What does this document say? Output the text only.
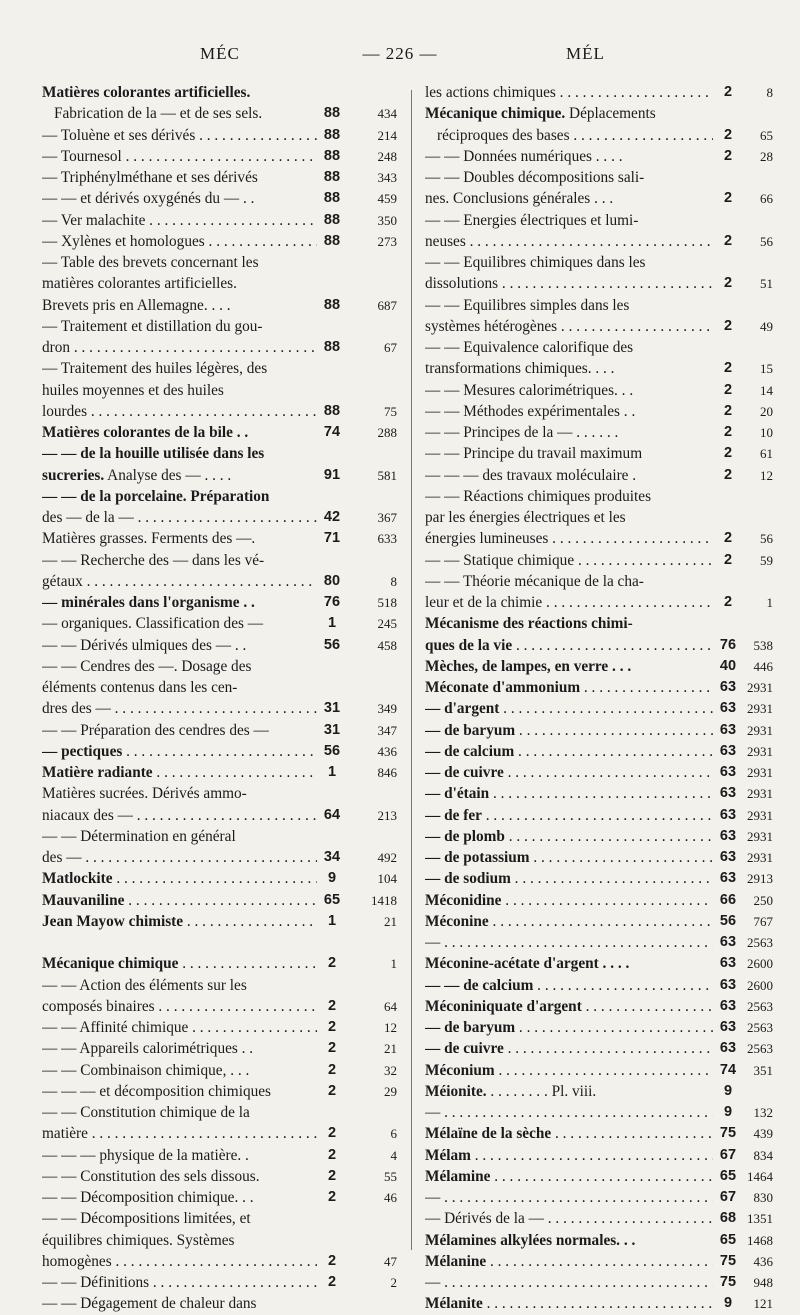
MÉC	— 226 —	MÉL
Matières colorantes artificielles.
Fabrication de la — et de ses sels.	88	434
— Toluène et ses dérivés . . .	88	214
— Tournesol . . .	88	248
— Triphénylméthane et ses dérivés	88	343
— — et dérivés oxygénés du — . .	88	459
— Ver malachite . . .	88	350
— Xylènes et homologues . . .	88	273
— Table des brevets concernant les
matières colorantes artificielles.
Brevets pris en Allemagne. . . .	88	687
— Traitement et distillation du gou-
dron . . .	88	67
— Traitement des huiles légères, des
huiles moyennes et des huiles
lourdes . . .	88	75
Matières colorantes de la bile . .	74	288
— — de la houille utilisée dans les
sucreries. Analyse des — . . . .	91	581
— — de la porcelaine. Préparation
des — de la — . . .	42	367
Matières grasses. Ferments des —.	71	633
— — Recherche des — dans les vé-
gétaux . . .	80	8
— minérales dans l'organisme . .	76	518
— organiques. Classification des —	1	245
— — Dérivés ulmiques des — . .	56	458
— — Cendres des —. Dosage des
éléments contenus dans les cen-
dres des — . . .	31	349
— — Préparation des cendres des —	31	347
— pectiques . . .	56	436
Matière radiante . . .	1	846
Matières sucrées. Dérivés ammo-
niacaux des — . . .	64	213
— — Détermination en général
des — . . .	34	492
Matlockite . . .	9	104
Mauvaniline . . .	65	1418
Jean Mayow chimiste . . .	1	21
Mécanique chimique . . .	2	1
— — Action des éléments sur les
composés binaires . . .	2	64
— — Affinité chimique . . .	2	12
— — Appareils calorimétriques . .	2	21
— — Combinaison chimique, . . .	2	32
— — — et décomposition chimiques	2	29
— — Constitution chimique de la
matière . . .	2	6
— — — physique de la matière. .	2	4
— — Constitution des sels dissous.	2	55
— — Décomposition chimique. . .	2	46
— — Décompositions limitées, et
équilibres chimiques. Systèmes
homogènes . . .	2	47
— — Définitions . . .	2	2
— — Dégagement de chaleur dans
les actions chimiques . . .	2	8
Mécanique chimique. Déplacements
réciproques des bases . . .	2	65
— — Données numériques . . . .	2	28
— — Doubles décompositions sali-
nes. Conclusions générales . . .	2	66
— — Energies électriques et lumi-
neuses . . .	2	56
— — Equilibres chimiques dans les
dissolutions . . .	2	51
— — Equilibres simples dans les
systèmes hétérogènes . . .	2	49
— — Equivalence calorifique des
transformations chimiques. . . .	2	15
— — Mesures calorimétriques. . .	2	14
— — Méthodes expérimentales . .	2	20
— — Principes de la — . . . . . .	2	10
— — Principe du travail maximum	2	61
— — — des travaux moléculaire .	2	12
— — Réactions chimiques produites
par les énergies électriques et les
énergies lumineuses . . .	2	56
— — Statique chimique . . .	2	59
— — Théorie mécanique de la cha-
leur et de la chimie . . .	2	1
Mécanisme des réactions chimi-
ques de la vie . . .	76	538
Mèches, de lampes, en verre . . .	40	446
Méconate d'ammonium . . .	63 2931
— d'argent . . .	63 2931
— de baryum . . .	63 2931
— de calcium . . .	63 2931
— de cuivre . . .	63 2931
— d'étain . . .	63 2931
— de fer . . .	63 2931
— de plomb . . .	63 2931
— de potassium . . .	63 2931
— de sodium . . .	63 2913
Méconidine . . .	66	250
Méconine . . .	56	767
— . . .	63 2563
Méconine-acétate d'argent . . . .	63 2600
— — de calcium . . .	63 2600
Méconiniquate d'argent . . .	63 2563
— de baryum . . .	63 2563
— de cuivre . . .	63 2563
Méconium . . .	74	351
Méionite. . . . . . . . . Pl. viii.	9
— . . .	9	132
Mélaïne de la sèche . . .	75	439
Mélam . . .	67	834
Mélamine . . .	65 1464
— . . .	67	830
— Dérivés de la — . . .	68 1351
Mélamines alkylées normales. . .	65 1468
Mélanine . . .	75	436
— . . .	75	948
Mélanite . . .	9	121
